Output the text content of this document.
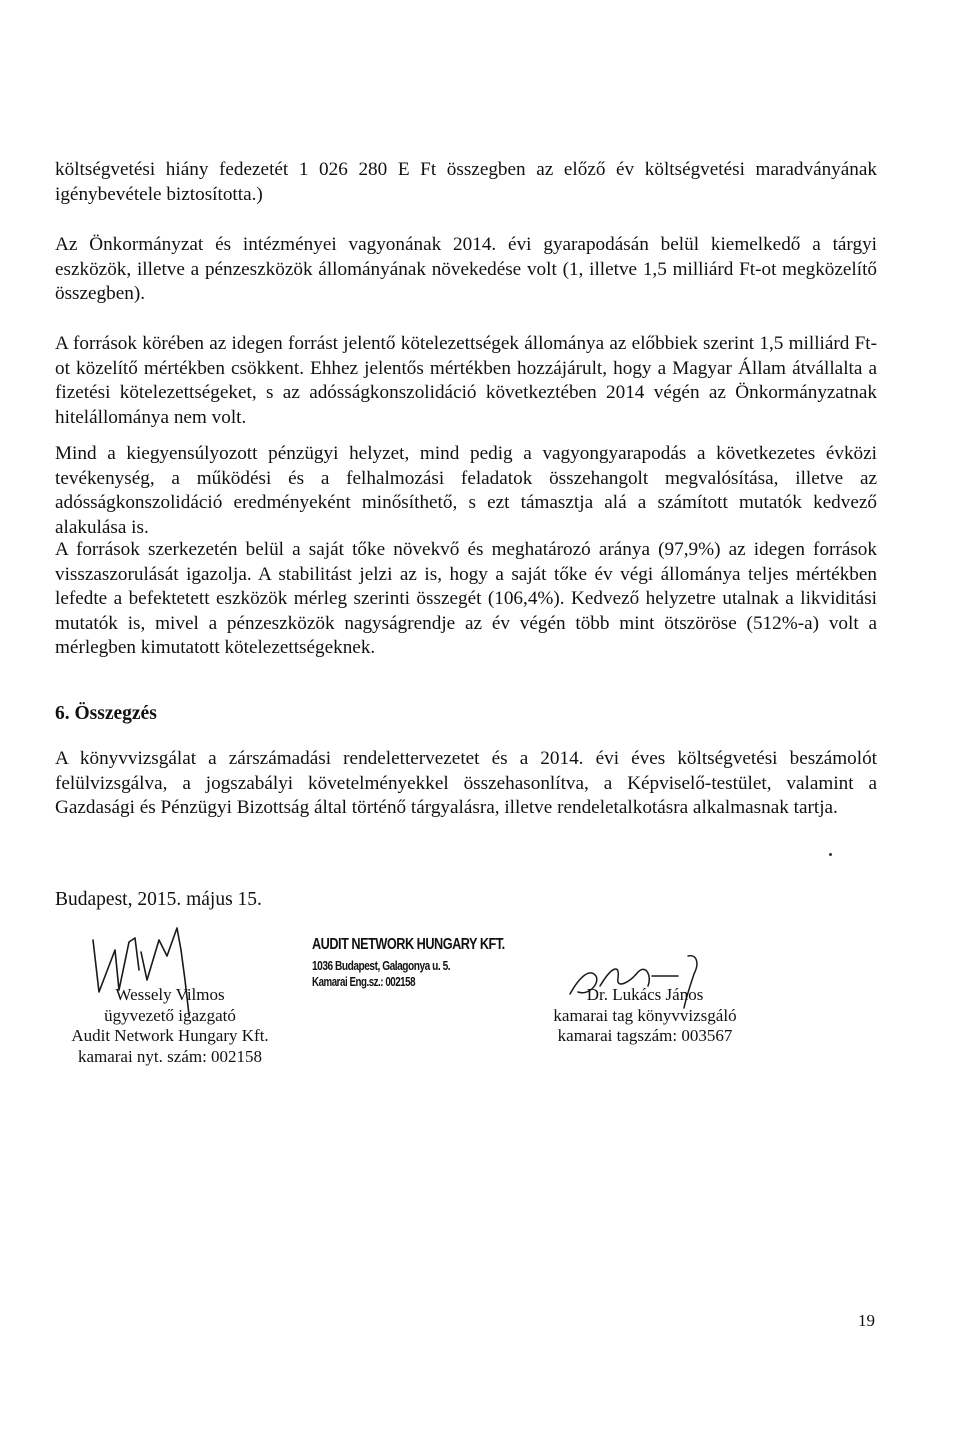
költségvetési hiány fedezetét 1 026 280 E Ft összegben az előző év költségvetési maradványának igénybevétele biztosította.)

Az Önkormányzat és intézményei vagyonának 2014. évi gyarapodásán belül kiemelkedő a tárgyi eszközök, illetve a pénzeszközök állományának növekedése volt (1, illetve 1,5 milliárd Ft-ot megközelítő összegben).

A források körében az idegen forrást jelentő kötelezettségek állománya az előbbiek szerint 1,5 milliárd Ft-ot közelítő mértékben csökkent. Ehhez jelentős mértékben hozzájárult, hogy a Magyar Állam átvállalta a fizetési kötelezettségeket, s az adósságkonszolidáció következtében 2014 végén az Önkormányzatnak hitelállománya nem volt.

Mind a kiegyensúlyozott pénzügyi helyzet, mind pedig a vagyongyarapodás a következetes évközi tevékenység, a működési és a felhalmozási feladatok összehangolt megvalósítása, illetve az adósságkonszolidáció eredményeként minősíthető, s ezt támasztja alá a számított mutatók kedvező alakulása is.

A források szerkezetén belül a saját tőke növekvő és meghatározó aránya (97,9%) az idegen források visszaszorulását igazolja. A stabilitást jelzi az is, hogy a saját tőke év végi állománya teljes mértékben lefedte a befektetett eszközök mérleg szerinti összegét (106,4%). Kedvező helyzetre utalnak a likviditási mutatók is, mivel a pénzeszközök nagyságrendje az év végén több mint ötszöröse (512%-a) volt a mérlegben kimutatott kötelezettségeknek.

6. Összegzés

A könyvvizsgálat a zárszámadási rendelettervezetet és a 2014. évi éves költségvetési beszámolót felülvizsgálva, a jogszabályi követelményekkel összehasonlítva, a Képviselő-testület, valamint a Gazdasági és Pénzügyi Bizottság által történő tárgyalásra, illetve rendeletalkotásra alkalmasnak tartja.

Budapest, 2015. május 15.
Wessely Vilmos
ügyvezető igazgató
Audit Network Hungary Kft.
kamarai nyt. szám: 002158
AUDIT NETWORK HUNGARY KFT.
1036 Budapest, Galagonya u. 5.
Kamarai Eng.sz.: 002158
Dr. Lukács János
kamarai tag könyvvizsgáló
kamarai tagszám: 003567
19
